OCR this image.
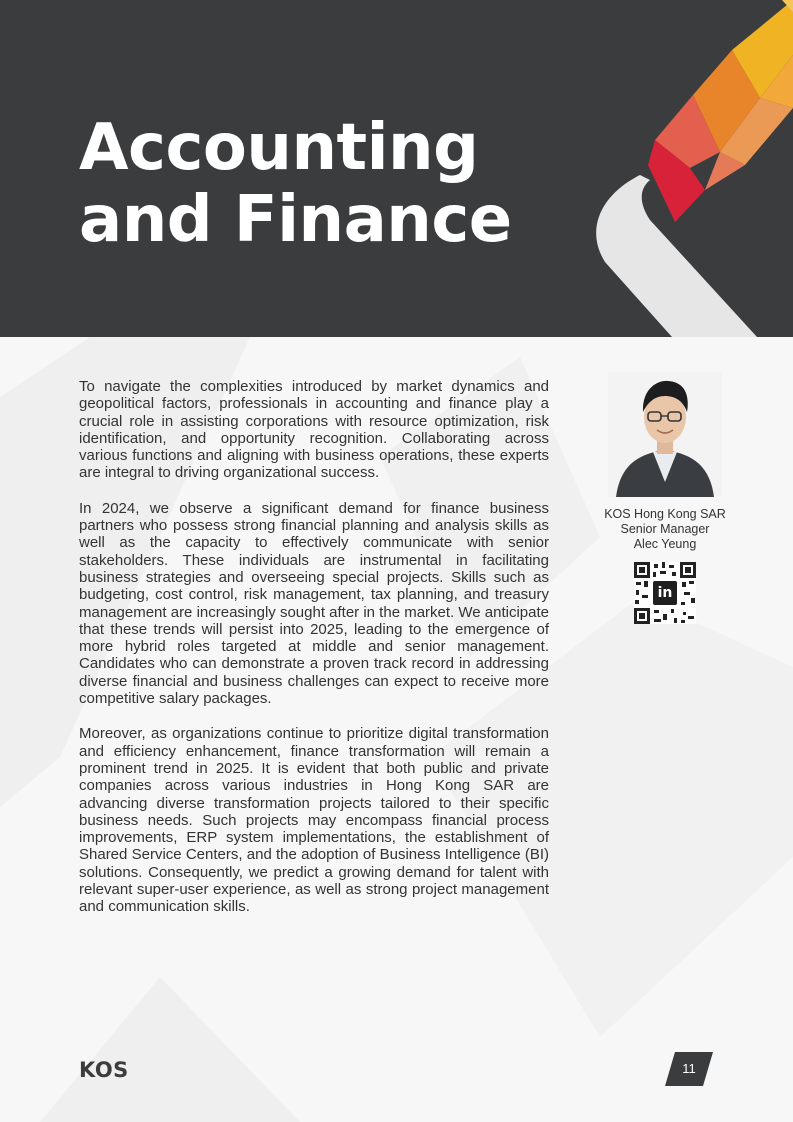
Accounting
and Finance

To navigate the complexities introduced by market dynamics and geopolitical factors, professionals in accounting and finance play a crucial role in assisting corporations with resource optimization, risk identification, and opportunity recognition. Collaborating across various functions and aligning with business operations, these experts are integral to driving organizational success.

In 2024, we observe a significant demand for finance business partners who possess strong financial planning and analysis skills as well as the capacity to effectively communicate with senior stakeholders. These individuals are instrumental in facilitating business strategies and overseeing special projects. Skills such as budgeting, cost control, risk management, tax planning, and treasury management are increasingly sought after in the market. We anticipate that these trends will persist into 2025, leading to the emergence of more hybrid roles targeted at middle and senior management. Candidates who can demonstrate a proven track record in addressing diverse financial and business challenges can expect to receive more competitive salary packages.

Moreover, as organizations continue to prioritize digital transformation and efficiency enhancement, finance transformation will remain a prominent trend in 2025. It is evident that both public and private companies across various industries in Hong Kong SAR are advancing diverse transformation projects tailored to their specific business needs. Such projects may encompass financial process improvements, ERP system implementations, the establishment of Shared Service Centers, and the adoption of Business Intelligence (BI) solutions. Consequently, we predict a growing demand for talent with relevant super-user experience, as well as strong project management and communication skills.

KOS Hong Kong SAR
Senior Manager
Alec Yeung
in
KOS	11
